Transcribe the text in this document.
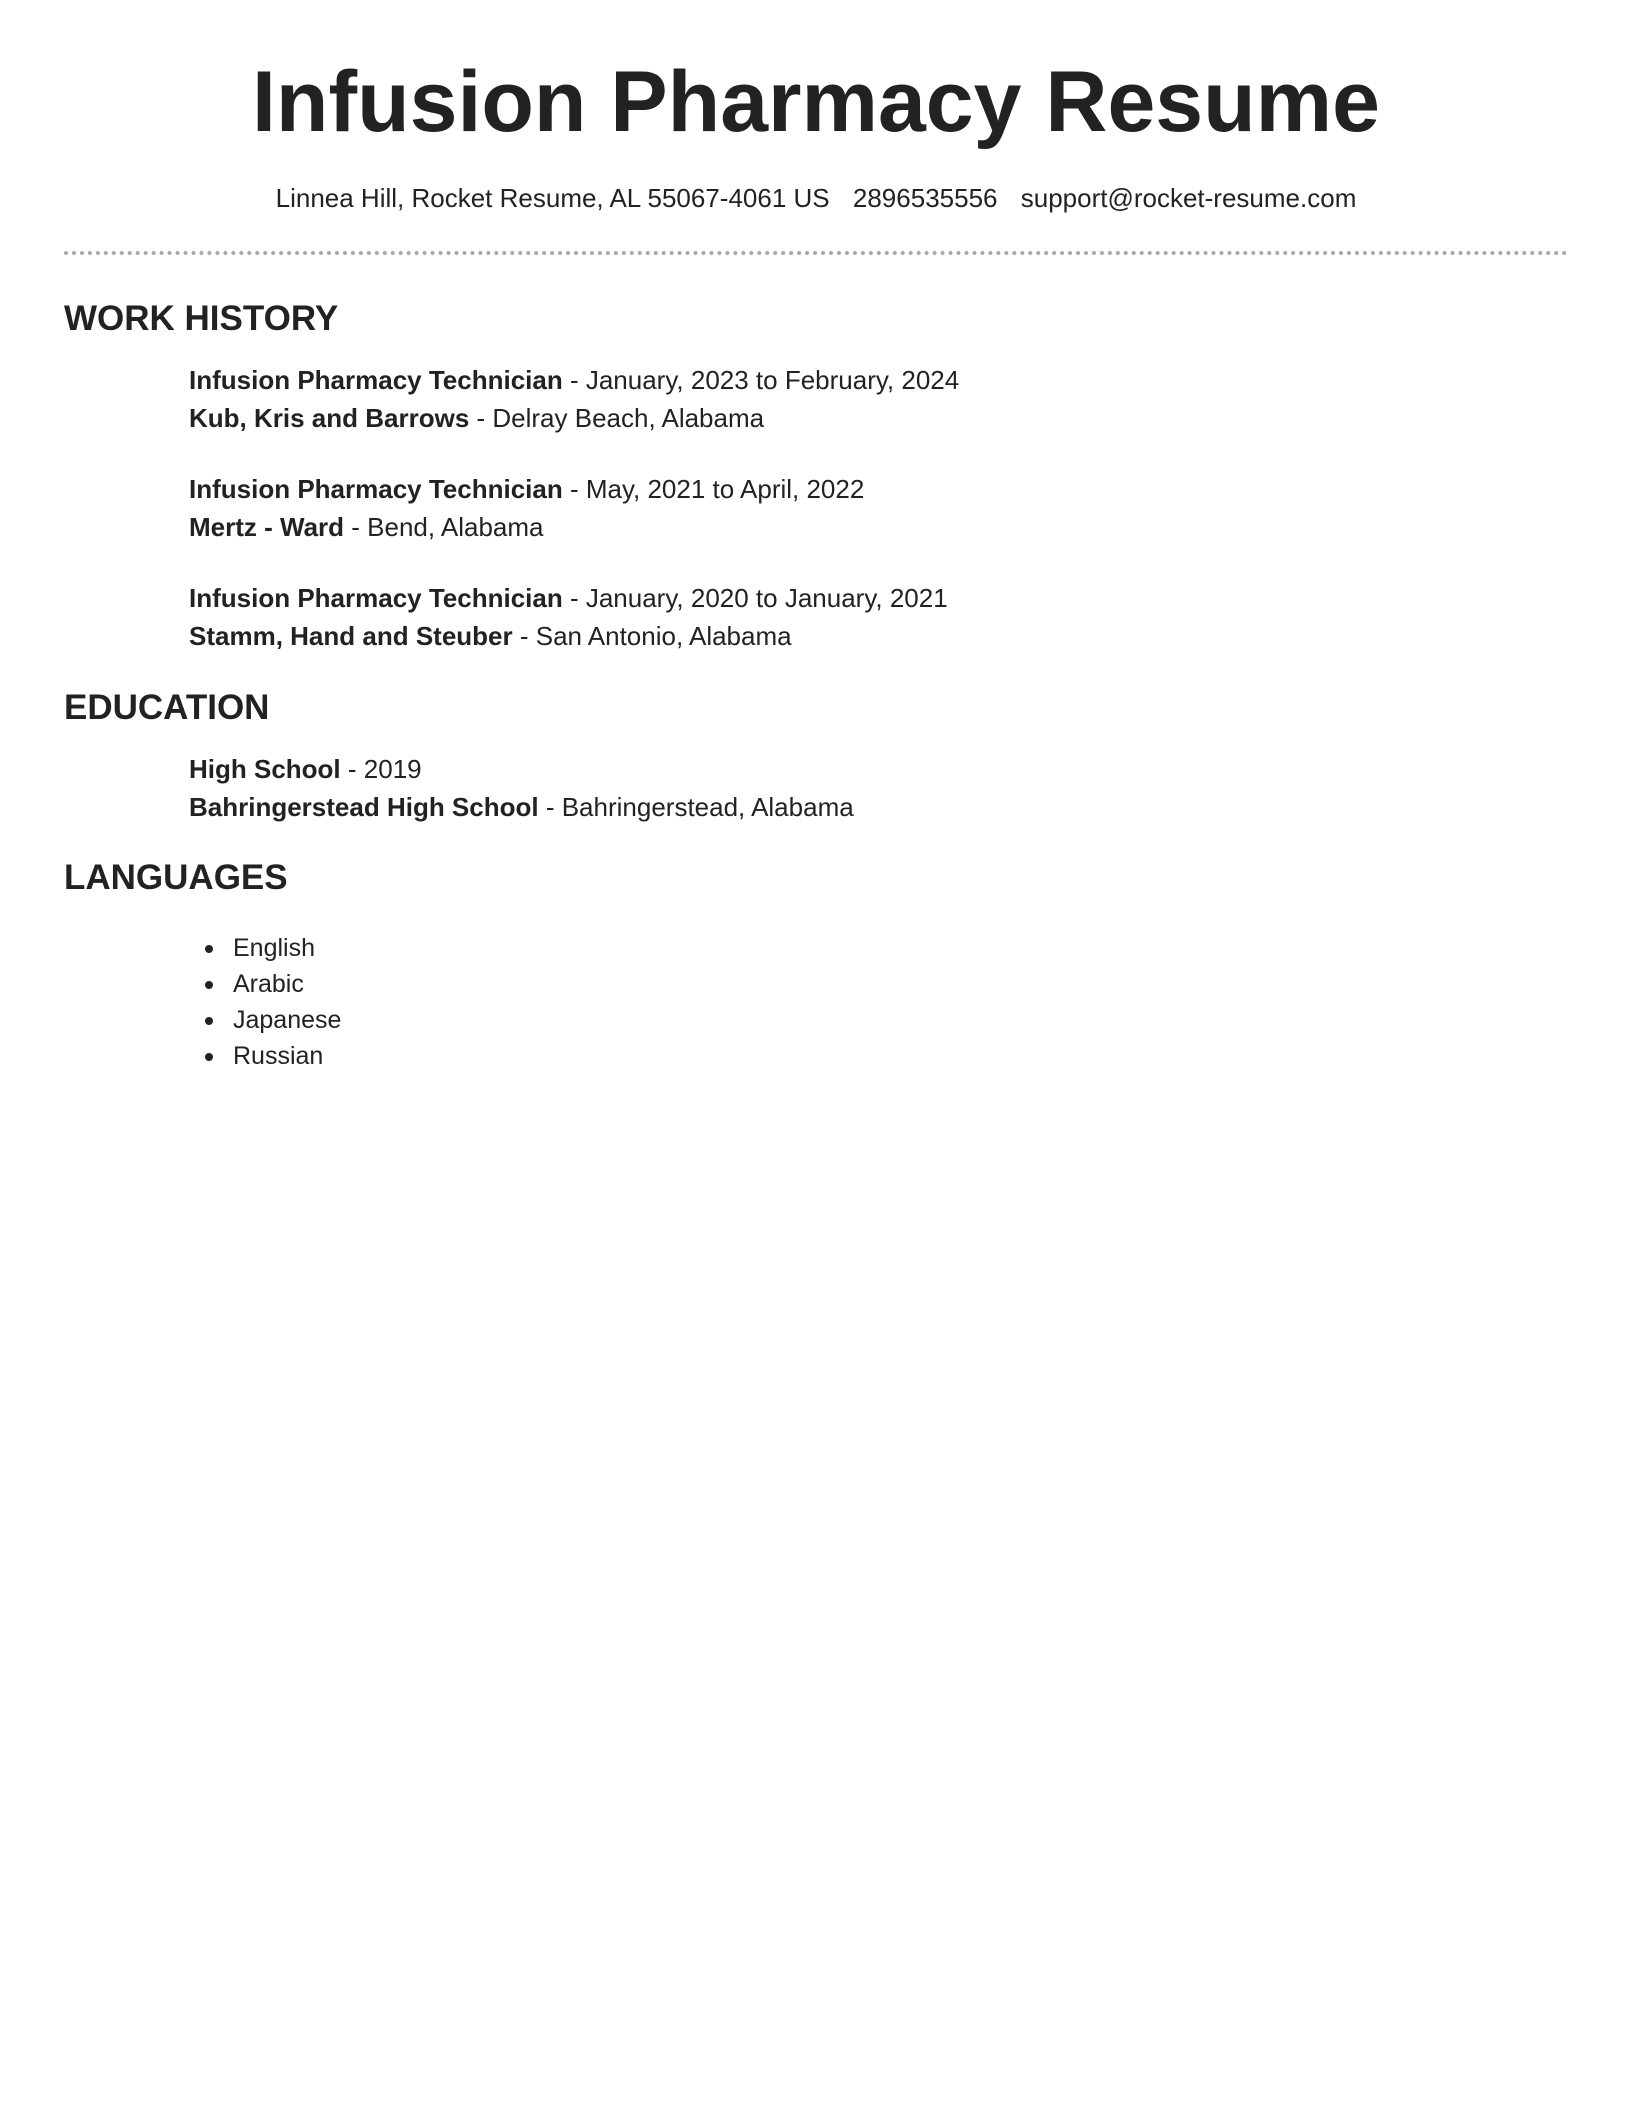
Infusion Pharmacy Resume
Linnea Hill, Rocket Resume, AL 55067-4061 US 2896535556 support@rocket-resume.com
WORK HISTORY
Infusion Pharmacy Technician - January, 2023 to February, 2024
Kub, Kris and Barrows - Delray Beach, Alabama
Infusion Pharmacy Technician - May, 2021 to April, 2022
Mertz - Ward - Bend, Alabama
Infusion Pharmacy Technician - January, 2020 to January, 2021
Stamm, Hand and Steuber - San Antonio, Alabama
EDUCATION
High School - 2019
Bahringerstead High School - Bahringerstead, Alabama
LANGUAGES
English
Arabic
Japanese
Russian
